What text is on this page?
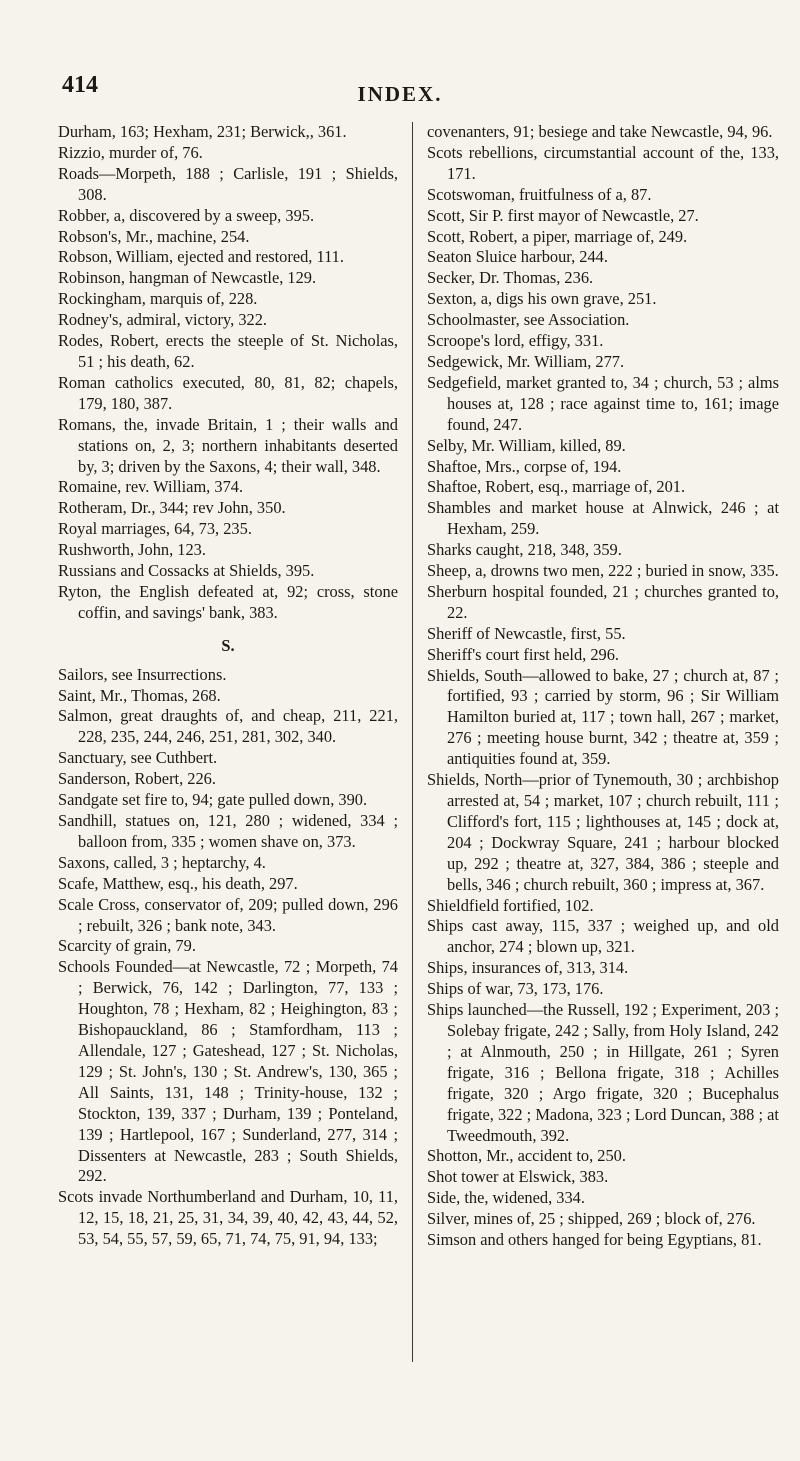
414	INDEX.

Durham, 163; Hexham, 231; Berwick,, 361.

Rizzio, murder of, 76.

Roads—Morpeth, 188 ; Carlisle, 191 ; Shields, 308.

Robber, a, discovered by a sweep, 395.

Robson's, Mr., machine, 254.

Robson, William, ejected and restored, 111.

Robinson, hangman of Newcastle, 129.

Rockingham, marquis of, 228.

Rodney's, admiral, victory, 322.

Rodes, Robert, erects the steeple of St. Nicholas, 51 ; his death, 62.

Roman catholics executed, 80, 81, 82; chapels, 179, 180, 387.

Romans, the, invade Britain, 1 ; their walls and stations on, 2, 3; northern inhabitants deserted by, 3; driven by the Saxons, 4; their wall, 348.

Romaine, rev. William, 374.

Rotheram, Dr., 344; rev John, 350.

Royal marriages, 64, 73, 235.

Rushworth, John, 123.

Russians and Cossacks at Shields, 395.

Ryton, the English defeated at, 92; cross, stone coffin, and savings' bank, 383.

S.

Sailors, see Insurrections.

Saint, Mr., Thomas, 268.

Salmon, great draughts of, and cheap, 211, 221, 228, 235, 244, 246, 251, 281, 302, 340.

Sanctuary, see Cuthbert.

Sanderson, Robert, 226.

Sandgate set fire to, 94; gate pulled down, 390.

Sandhill, statues on, 121, 280 ; widened, 334 ; balloon from, 335 ; women shave on, 373.

Saxons, called, 3 ; heptarchy, 4.

Scafe, Matthew, esq., his death, 297.

Scale Cross, conservator of, 209; pulled down, 296 ; rebuilt, 326 ; bank note, 343.

Scarcity of grain, 79.

Schools Founded—at Newcastle, 72 ; Morpeth, 74 ; Berwick, 76, 142 ; Darlington, 77, 133 ; Houghton, 78 ; Hexham, 82 ; Heighington, 83 ; Bishopauckland, 86 ; Stamfordham, 113 ; Allendale, 127 ; Gateshead, 127 ; St. Nicholas, 129 ; St. John's, 130 ; St. Andrew's, 130, 365 ; All Saints, 131, 148 ; Trinity-house, 132 ; Stockton, 139, 337 ; Durham, 139 ; Ponteland, 139 ; Hartlepool, 167 ; Sunderland, 277, 314 ; Dissenters at Newcastle, 283 ; South Shields, 292.

Scots invade Northumberland and Durham, 10, 11, 12, 15, 18, 21, 25, 31, 34, 39, 40, 42, 43, 44, 52, 53, 54, 55, 57, 59, 65, 71, 74, 75, 91, 94, 133;

covenanters, 91; besiege and take Newcastle, 94, 96.

Scots rebellions, circumstantial account of the, 133, 171.

Scotswoman, fruitfulness of a, 87.

Scott, Sir P. first mayor of Newcastle, 27.

Scott, Robert, a piper, marriage of, 249.

Seaton Sluice harbour, 244.

Secker, Dr. Thomas, 236.

Sexton, a, digs his own grave, 251.

Schoolmaster, see Association.

Scroope's lord, effigy, 331.

Sedgewick, Mr. William, 277.

Sedgefield, market granted to, 34 ; church, 53 ; alms houses at, 128 ; race against time to, 161; image found, 247.

Selby, Mr. William, killed, 89.

Shaftoe, Mrs., corpse of, 194.

Shaftoe, Robert, esq., marriage of, 201.

Shambles and market house at Alnwick, 246 ; at Hexham, 259.

Sharks caught, 218, 348, 359.

Sheep, a, drowns two men, 222 ; buried in snow, 335.

Sherburn hospital founded, 21 ; churches granted to, 22.

Sheriff of Newcastle, first, 55.

Sheriff's court first held, 296.

Shields, South—allowed to bake, 27 ; church at, 87 ; fortified, 93 ; carried by storm, 96 ; Sir William Hamilton buried at, 117 ; town hall, 267 ; market, 276 ; meeting house burnt, 342 ; theatre at, 359 ; antiquities found at, 359.

Shields, North—prior of Tynemouth, 30 ; archbishop arrested at, 54 ; market, 107 ; church rebuilt, 111 ; Clifford's fort, 115 ; lighthouses at, 145 ; dock at, 204 ; Dockwray Square, 241 ; harbour blocked up, 292 ; theatre at, 327, 384, 386 ; steeple and bells, 346 ; church rebuilt, 360 ; impress at, 367.

Shieldfield fortified, 102.

Ships cast away, 115, 337 ; weighed up, and old anchor, 274 ; blown up, 321.

Ships, insurances of, 313, 314.

Ships of war, 73, 173, 176.

Ships launched—the Russell, 192 ; Experiment, 203 ; Solebay frigate, 242 ; Sally, from Holy Island, 242 ; at Alnmouth, 250 ; in Hillgate, 261 ; Syren frigate, 316 ; Bellona frigate, 318 ; Achilles frigate, 320 ; Argo frigate, 320 ; Bucephalus frigate, 322 ; Madona, 323 ; Lord Duncan, 388 ; at Tweedmouth, 392.

Shotton, Mr., accident to, 250.

Shot tower at Elswick, 383.

Side, the, widened, 334.

Silver, mines of, 25 ; shipped, 269 ; block of, 276.

Simson and others hanged for being Egyptians, 81.
